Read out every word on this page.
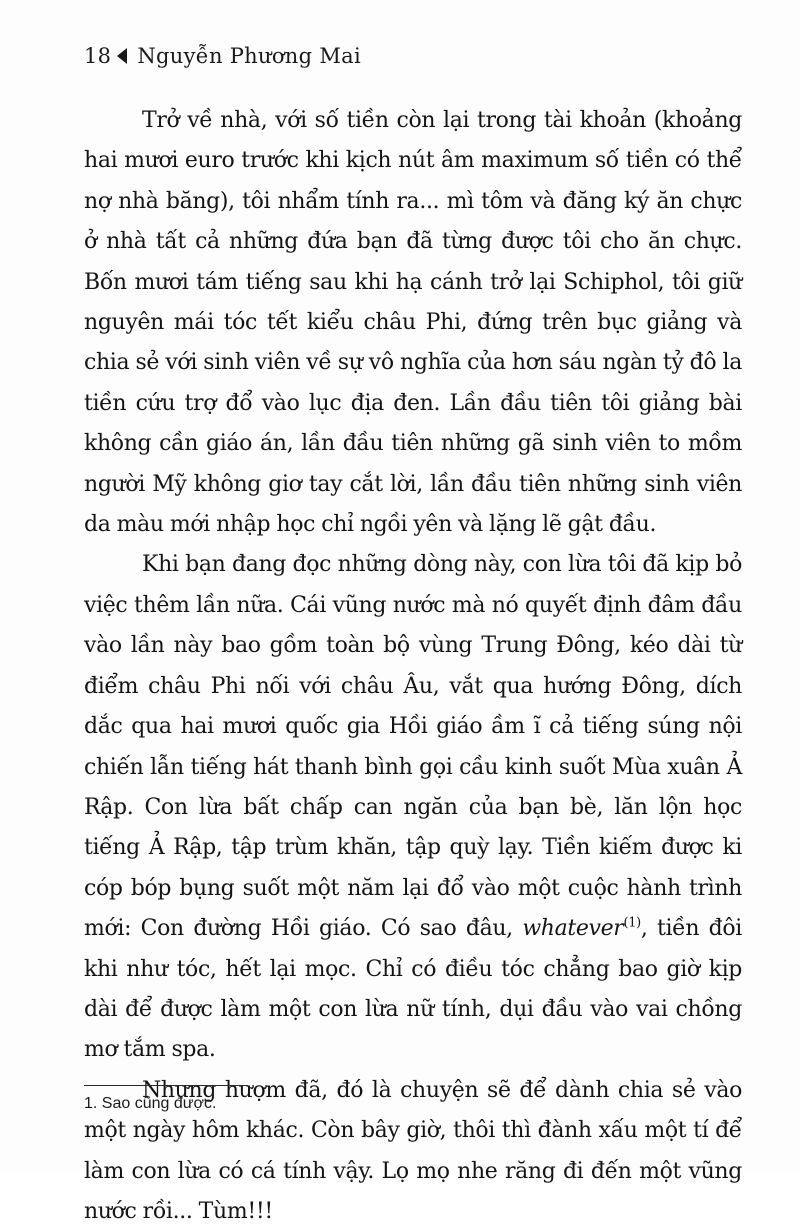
18 Nguyễn Phương Mai

Trở về nhà, với số tiền còn lại trong tài khoản (khoảng hai mươi euro trước khi kịch nút âm maximum số tiền có thể nợ nhà băng), tôi nhẩm tính ra... mì tôm và đăng ký ăn chực ở nhà tất cả những đứa bạn đã từng được tôi cho ăn chực. Bốn mươi tám tiếng sau khi hạ cánh trở lại Schiphol, tôi giữ nguyên mái tóc tết kiểu châu Phi, đứng trên bục giảng và chia sẻ với sinh viên về sự vô nghĩa của hơn sáu ngàn tỷ đô la tiền cứu trợ đổ vào lục địa đen. Lần đầu tiên tôi giảng bài không cần giáo án, lần đầu tiên những gã sinh viên to mồm người Mỹ không giơ tay cắt lời, lần đầu tiên những sinh viên da màu mới nhập học chỉ ngồi yên và lặng lẽ gật đầu.

Khi bạn đang đọc những dòng này, con lừa tôi đã kịp bỏ việc thêm lần nữa. Cái vũng nước mà nó quyết định đâm đầu vào lần này bao gồm toàn bộ vùng Trung Đông, kéo dài từ điểm châu Phi nối với châu Âu, vắt qua hướng Đông, dích dắc qua hai mươi quốc gia Hồi giáo ầm ĩ cả tiếng súng nội chiến lẫn tiếng hát thanh bình gọi cầu kinh suốt Mùa xuân Ả Rập. Con lừa bất chấp can ngăn của bạn bè, lăn lộn học tiếng Ả Rập, tập trùm khăn, tập quỳ lạy. Tiền kiếm được ki cóp bóp bụng suốt một năm lại đổ vào một cuộc hành trình mới: Con đường Hồi giáo. Có sao đâu, whatever$^{(1)}$, tiền đôi khi như tóc, hết lại mọc. Chỉ có điều tóc chẳng bao giờ kịp dài để được làm một con lừa nữ tính, dụi đầu vào vai chồng mơ tắm spa.

Nhưng hượm đã, đó là chuyện sẽ để dành chia sẻ vào một ngày hôm khác. Còn bây giờ, thôi thì đành xấu một tí để làm con lừa có cá tính vậy. Lọ mọ nhe răng đi đến một vũng nước rồi... Tùm!!!

1. Sao cũng được.
